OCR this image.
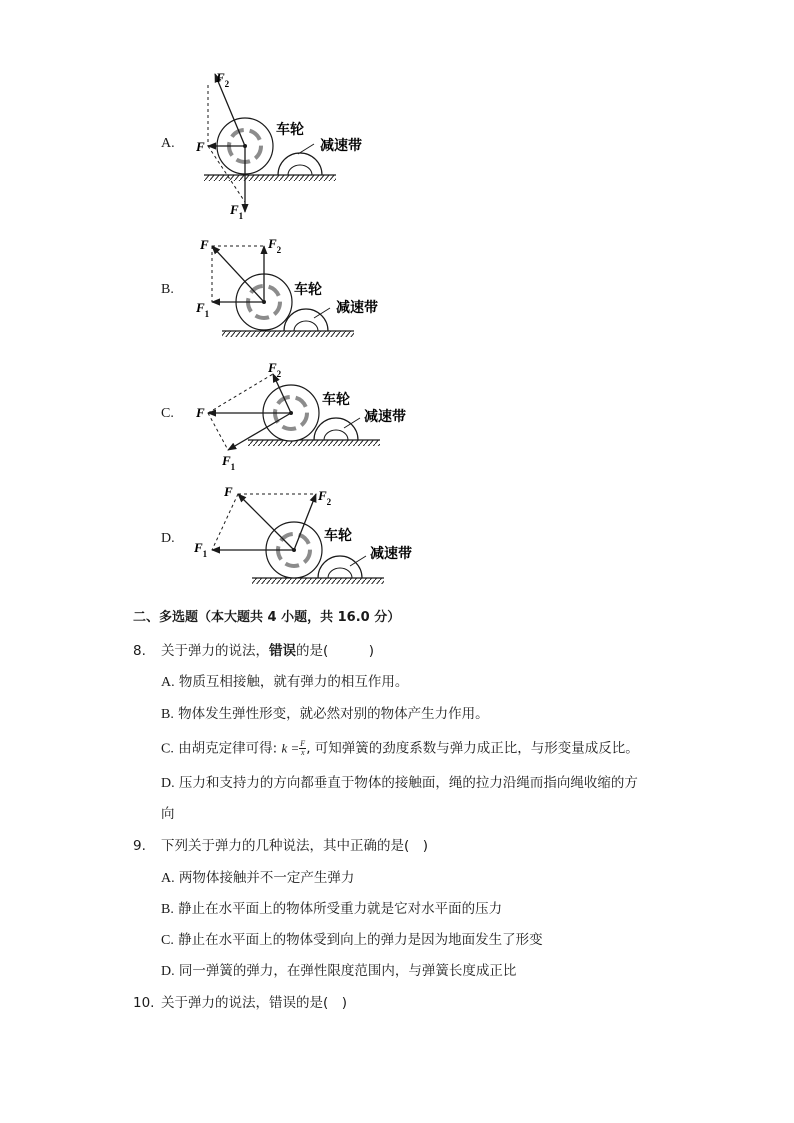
A.
$F_2$
F
$F_1$
车轮
减速带
B.
F	$F_2$
$F_1$
车轮
减速带
C.
$F_2$
F
$F_1$
车轮
减速带
D.
F	$F_2$
$F_1$
车轮
减速带
二、多选题（本大题共 4 小题，共 16.0 分）
8. 关于弹力的说法，错误的是(　　　)
A. 物质互相接触，就有弹力的相互作用。
B. 物体发生弹性形变，就必然对别的物体产生力作用。
C. 由胡克定律可得: $k = \frac{F}{x}$ , 可知弹簧的劲度系数与弹力成正比，与形变量成反比。
D. 压力和支持力的方向都垂直于物体的接触面，绳的拉力沿绳而指向绳收缩的方
向
9. 下列关于弹力的几种说法，其中正确的是(　)
A. 两物体接触并不一定产生弹力
B. 静止在水平面上的物体所受重力就是它对水平面的压力
C. 静止在水平面上的物体受到向上的弹力是因为地面发生了形变
D. 同一弹簧的弹力，在弹性限度范围内，与弹簧长度成正比
10. 关于弹力的说法，错误的是(　)
